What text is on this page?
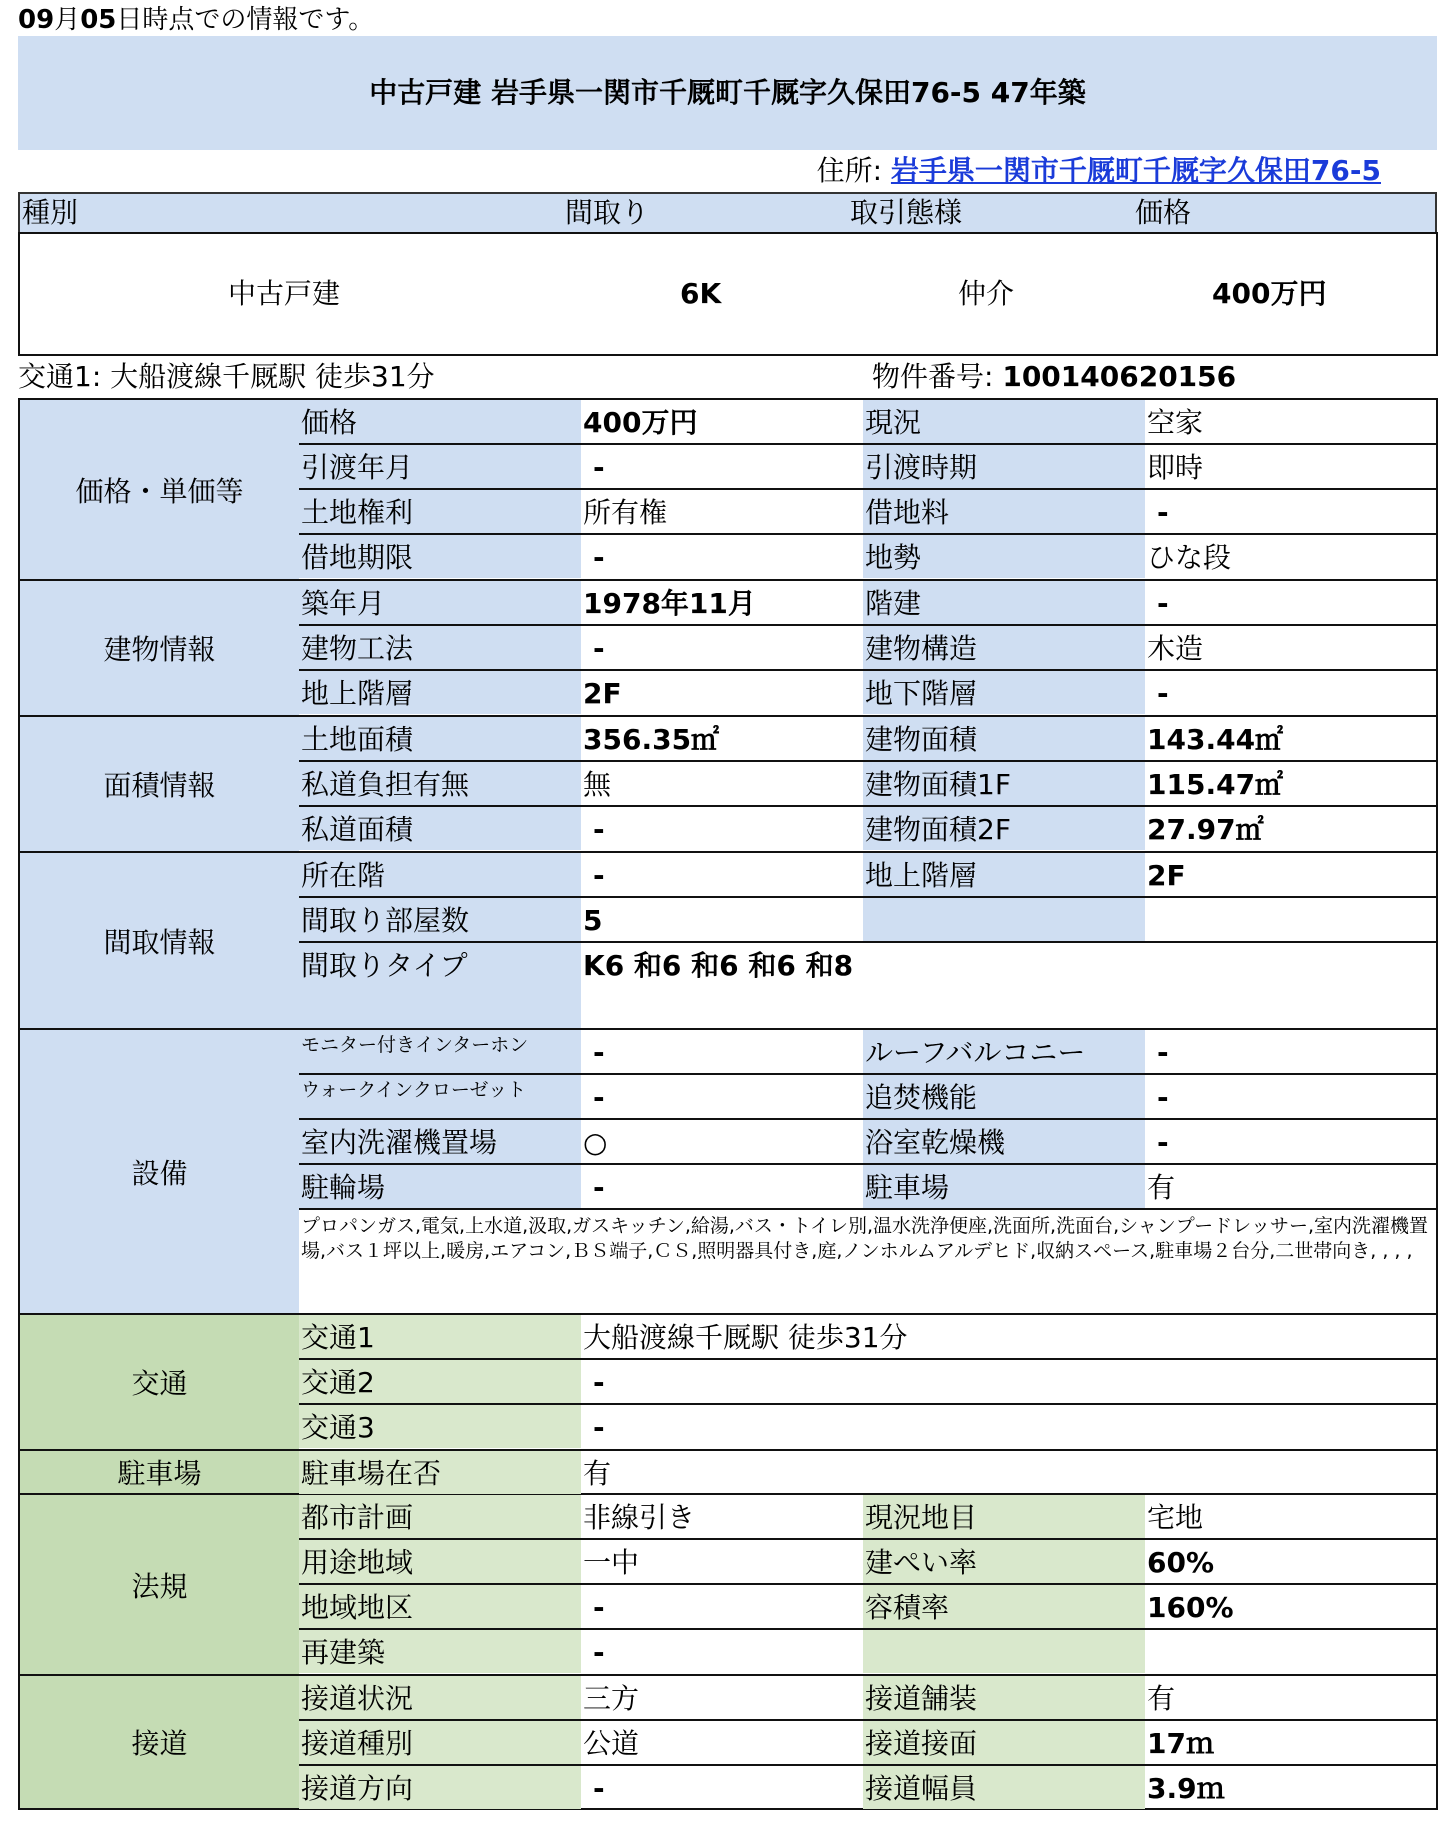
09月05日時点での情報です。
中古戸建 岩手県一関市千厩町千厩字久保田76-5 47年築
住所: 岩手県一関市千厩町千厩字久保田76-5
種別	間取り	取引態様	価格
中古戸建	6K	仲介	400万円
交通1: 大船渡線千厩駅 徒歩31分	物件番号: 100140620156
価格・単価等
価格	400万円	現況	空家
引渡年月	-	引渡時期	即時
土地権利	所有権	借地料	-
借地期限	-	地勢	ひな段
建物情報
築年月	1978年11月	階建	-
建物工法	-	建物構造	木造
地上階層	2F	地下階層	-
面積情報
土地面積	356.35㎡	建物面積	143.44㎡
私道負担有無	無	建物面積1F	115.47㎡
私道面積	-	建物面積2F	27.97㎡
間取情報
所在階	-	地上階層	2F
間取り部屋数	5
間取りタイプ	K6 和6 和6 和6 和8
設備
モニター付きインターホン	-	ルーフバルコニー	-
ウォークインクローゼット	-	追焚機能	-
室内洗濯機置場	○	浴室乾燥機	-
駐輪場	-	駐車場	有
プロパンガス,電気,上水道,汲取,ガスキッチン,給湯,バス・トイレ別,温水洗浄便座,洗面所,洗面台,シャンプードレッサー,室内洗濯機置場,バス１坪以上,暖房,エアコン,ＢＳ端子,ＣＳ,照明器具付き,庭,ノンホルムアルデヒド,収納スペース,駐車場２台分,二世帯向き, , , ,
交通
交通1	大船渡線千厩駅 徒歩31分
交通2	-
交通3	-
駐車場	駐車場在否	有
法規
都市計画	非線引き	現況地目	宅地
用途地域	一中	建ぺい率	60%
地域地区	-	容積率	160%
再建築	-
接道
接道状況	三方	接道舗装	有
接道種別	公道	接道接面	17ｍ
接道方向	-	接道幅員	3.9ｍ
